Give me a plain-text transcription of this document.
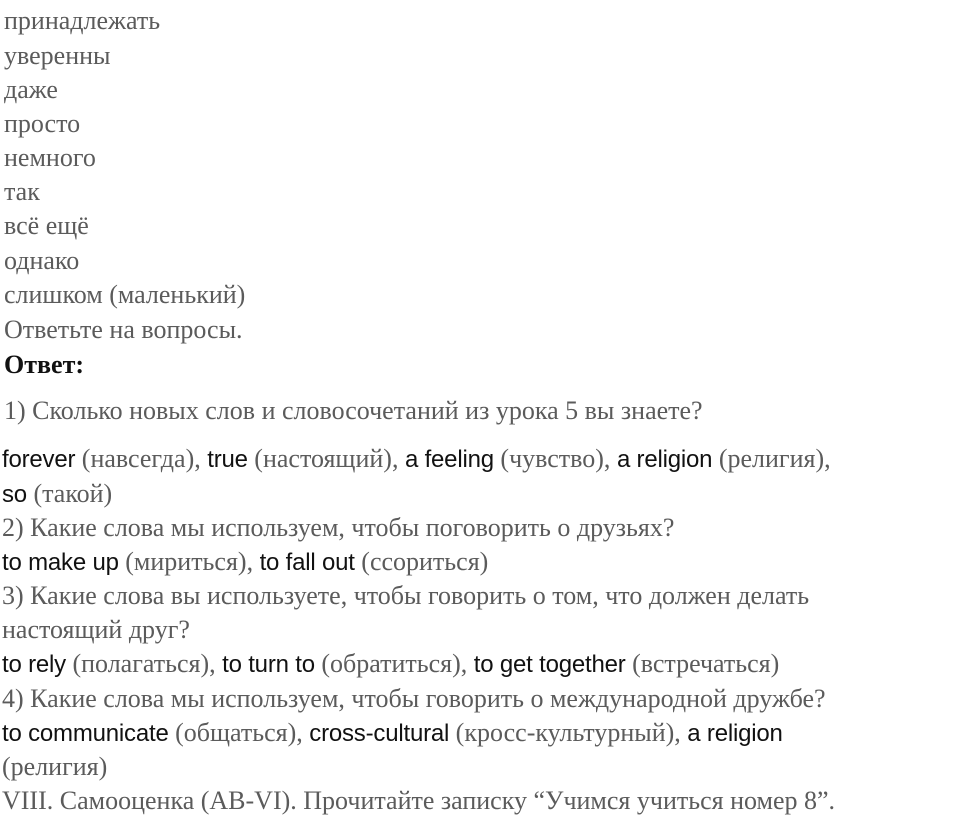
принадлежать
уверенны
даже
просто
немного
так
всё ещё
однако
слишком (маленький)
Ответьте на вопросы.
Ответ:
1) Сколько новых слов и словосочетаний из урока 5 вы знаете?
forever (навсегда), true (настоящий), a feeling (чувство), a religion (религия),
so (такой)
2) Какие слова мы используем, чтобы поговорить о друзьях?
to make up (мириться), to fall out (ссориться)
3) Какие слова вы используете, чтобы говорить о том, что должен делать
настоящий друг?
to rely (полагаться), to turn to (обратиться), to get together (встречаться)
4) Какие слова мы используем, чтобы говорить о международной дружбе?
to communicate (общаться), cross-cultural (кросс-культурный), a religion
(религия)
VIII. Самооценка (АВ-VI). Прочитайте записку “Учимся учиться номер 8”.
